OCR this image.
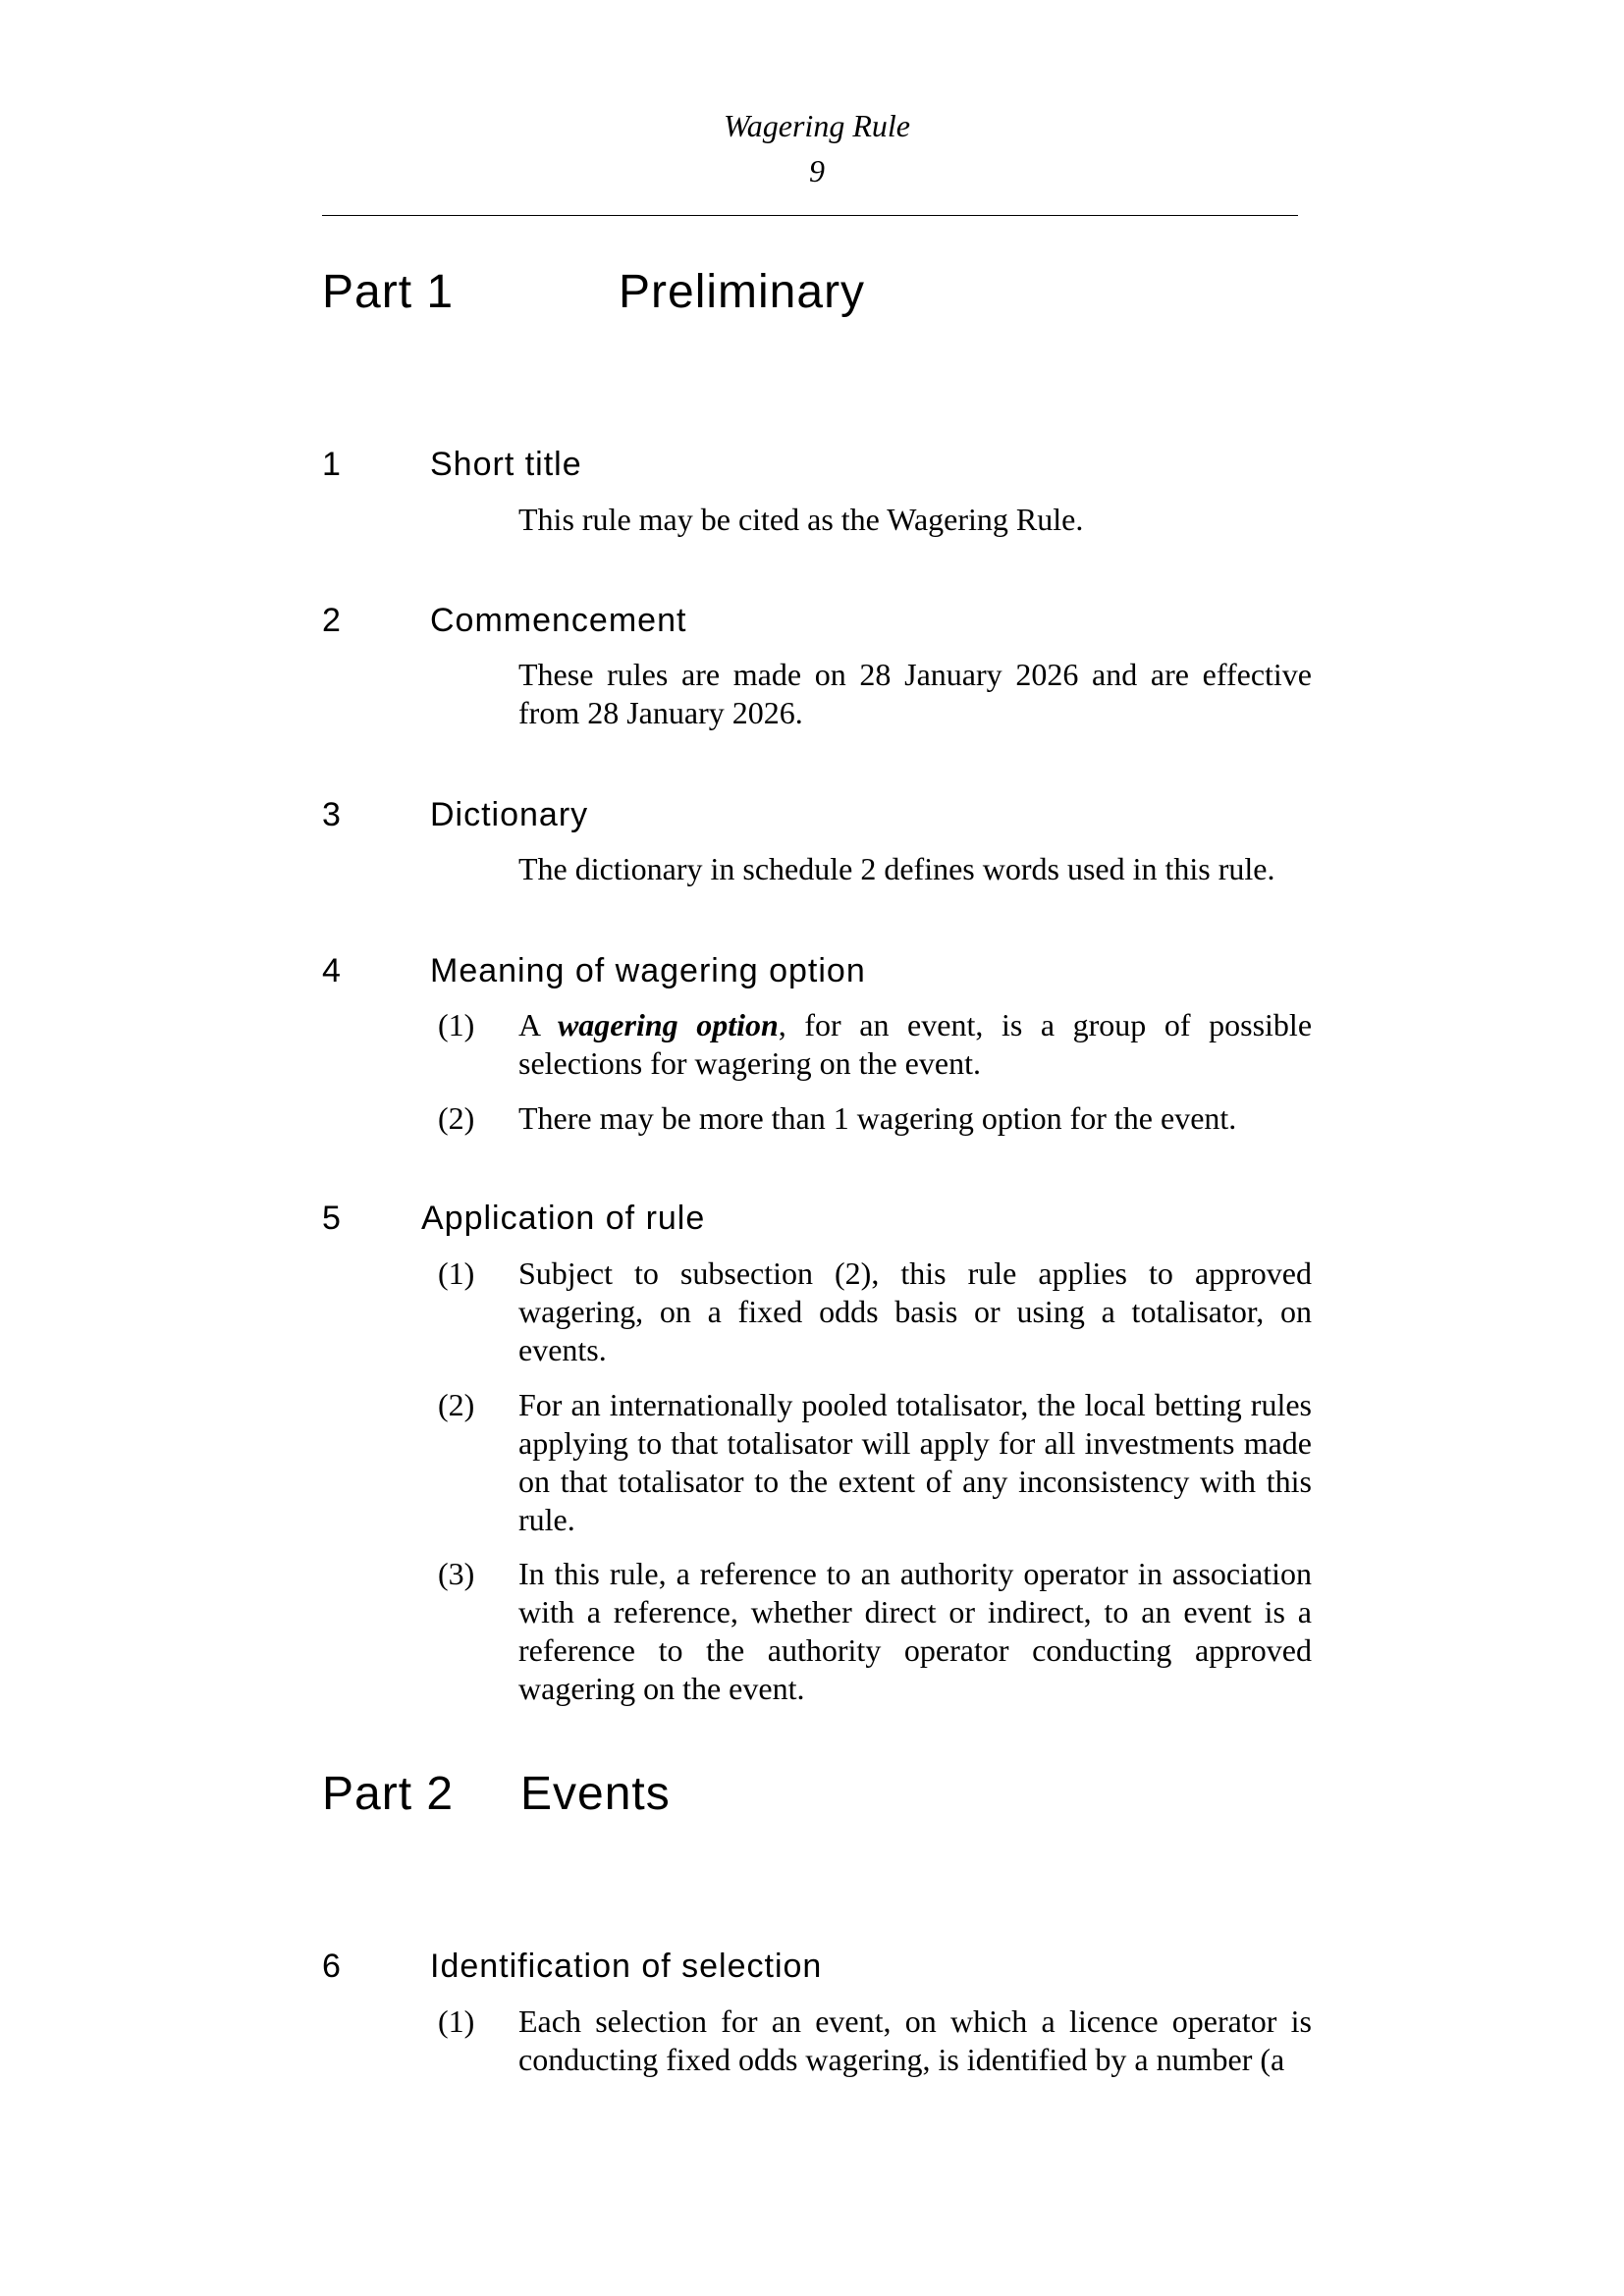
Wagering Rule
9
Part 1	Preliminary
1	Short title
This rule may be cited as the Wagering Rule.
2	Commencement
These rules are made on 28 January 2026 and are effective from 28 January 2026.
3	Dictionary
The dictionary in schedule 2 defines words used in this rule.
4	Meaning of wagering option
(1) A wagering option, for an event, is a group of possible selections for wagering on the event.
(2) There may be more than 1 wagering option for the event.
5 Application of rule
(1) Subject to subsection (2), this rule applies to approved wagering, on a fixed odds basis or using a totalisator, on events.
(2) For an internationally pooled totalisator, the local betting rules applying to that totalisator will apply for all investments made on that totalisator to the extent of any inconsistency with this rule.
(3) In this rule, a reference to an authority operator in association with a reference, whether direct or indirect, to an event is a reference to the authority operator conducting approved wagering on the event.
Part 2 Events
6	Identification of selection
(1) Each selection for an event, on which a licence operator is conducting fixed odds wagering, is identified by a number (a
